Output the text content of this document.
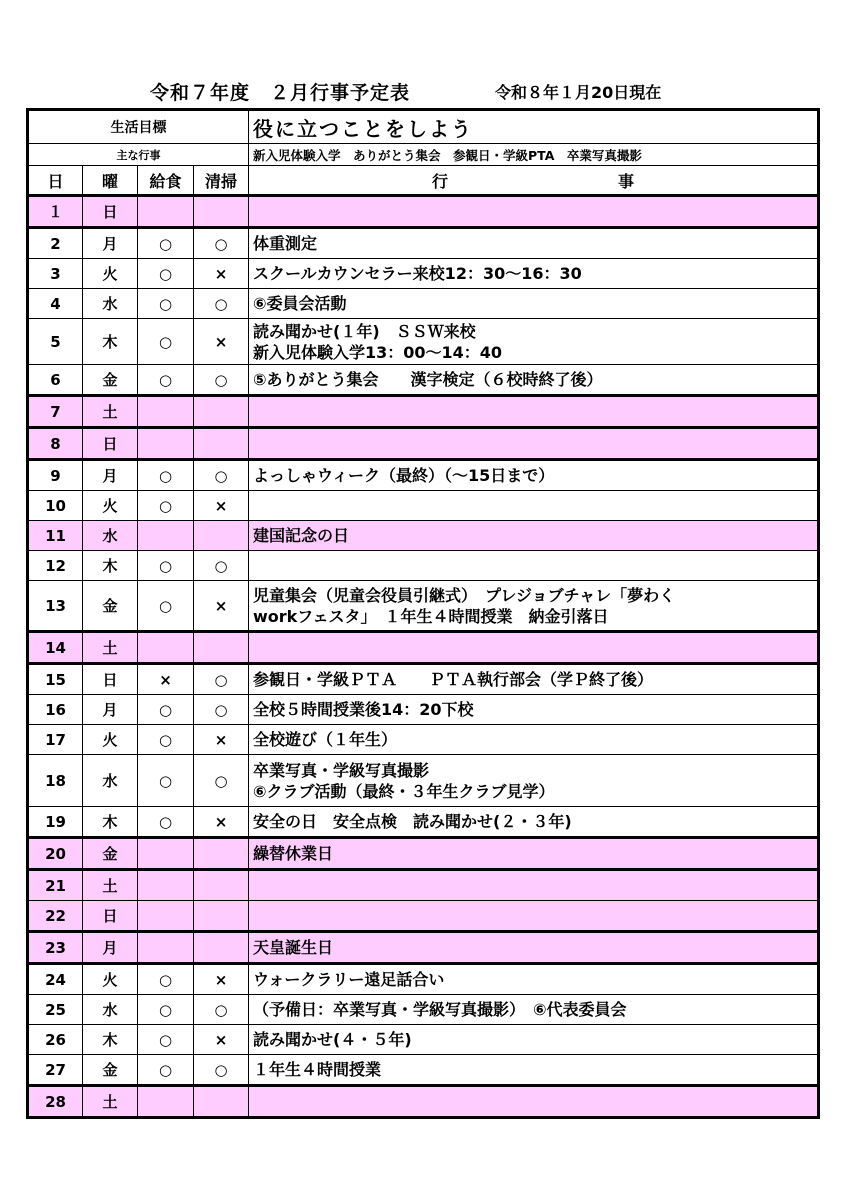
令和７年度　２月行事予定表	令和８年１月20日現在
生活目標				役に立つことをしよう
主な行事				新入児体験入学　ありがとう集会　参観日・学級PTA　卒業写真撮影
日	曜	給食	清掃	行 事
１	日			

2	月	○	○	体重測定

3	火	○	×	スクールカウンセラー来校12：30～16：30

4	水	○	○	⑥委員会活動

5	木	○	×	読み聞かせ(１年)　ＳＳＷ来校
新入児体験入学13：00～14：40

6	金	○	○	⑤ありがとう集会　　漢字検定（６校時終了後）

7	土			

8	日			

9	月	○	○	よっしゃウィーク（最終）（～15日まで）

10	火	○	×	

11	水			建国記念の日

12	木	○	○	

13	金	○	×	児童集会（児童会役員引継式）　プレジョブチャレ「夢わく
workフェスタ」　１年生４時間授業　納金引落日

14	土			

15	日	×	○	参観日・学級ＰＴＡ　　ＰＴＡ執行部会（学Ｐ終了後）

16	月	○	○	全校５時間授業後14：20下校

17	火	○	×	全校遊び（１年生）

18	水	○	○	卒業写真・学級写真撮影
⑥クラブ活動（最終・３年生クラブ見学）

19	木	○	×	安全の日　安全点検　読み聞かせ(２・３年)

20	金			繰替休業日

21	土			

22	日			

23	月			天皇誕生日

24	火	○	×	ウォークラリー遠足話合い

25	水	○	○	（予備日：卒業写真・学級写真撮影）　⑥代表委員会

26	木	○	×	読み聞かせ(４・５年)

27	金	○	○	１年生４時間授業

28	土			
